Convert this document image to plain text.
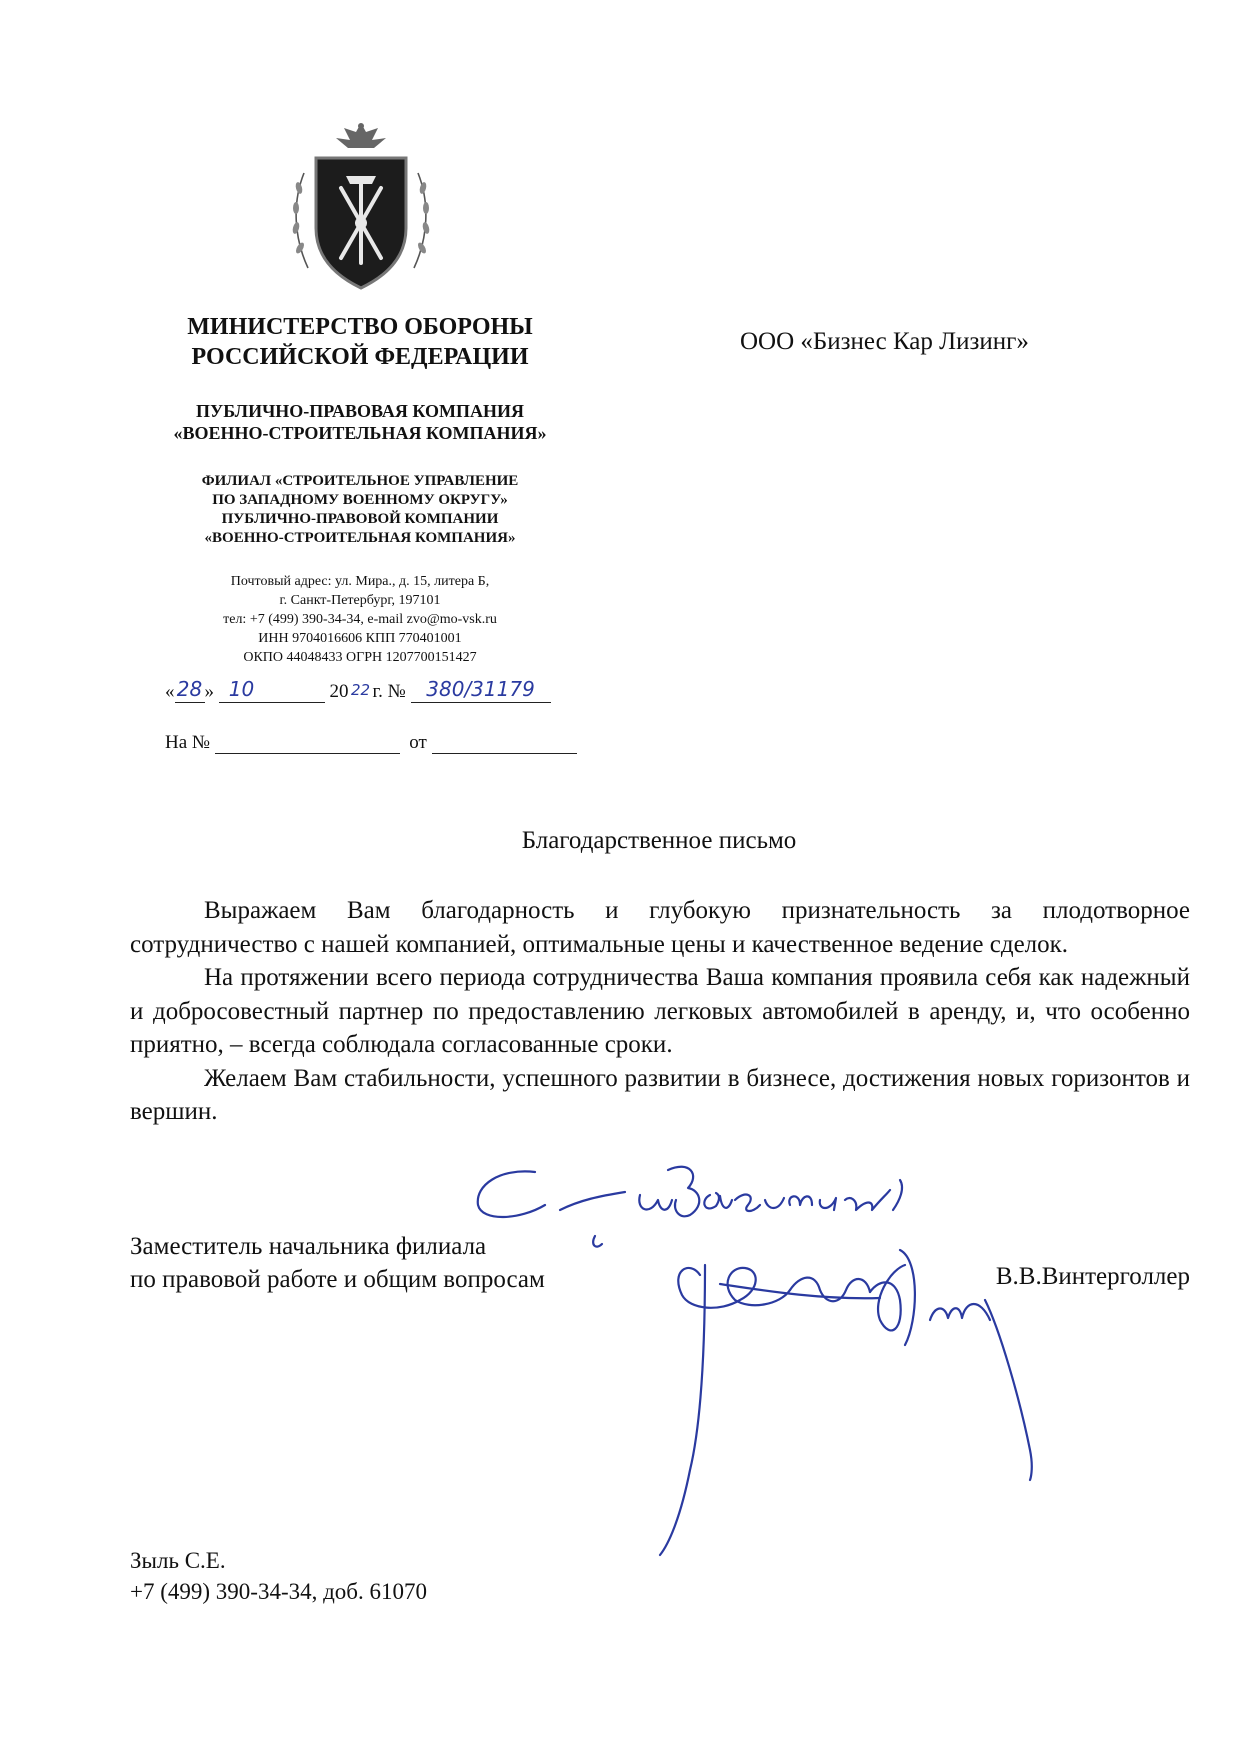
МИНИСТЕРСТВО ОБОРОНЫ
РОССИЙСКОЙ ФЕДЕРАЦИИ
ПУБЛИЧНО-ПРАВОВАЯ КОМПАНИЯ
«ВОЕННО-СТРОИТЕЛЬНАЯ КОМПАНИЯ»
ФИЛИАЛ «СТРОИТЕЛЬНОЕ УПРАВЛЕНИЕ
ПО ЗАПАДНОМУ ВОЕННОМУ ОКРУГУ»
ПУБЛИЧНО-ПРАВОВОЙ КОМПАНИИ
«ВОЕННО-СТРОИТЕЛЬНАЯ КОМПАНИЯ»
Почтовый адрес: ул. Мира., д. 15, литера Б,
г. Санкт-Петербург, 197101
тел: +7 (499) 390-34-34, e-mail zvo@mo-vsk.ru
ИНН 9704016606 КПП 770401001
ОКПО 44048433 ОГРН 1207700151427
« 28 » 10	20 22 г. №	380/31179
На №	от
ООО «Бизнес Кар Лизинг»
Благодарственное письмо

Выражаем Вам благодарность и глубокую признательность за плодотворное сотрудничество с нашей компанией, оптимальные цены и качественное ведение сделок.

На протяжении всего периода сотрудничества Ваша компания проявила себя как надежный и добросовестный партнер по предоставлению легковых автомобилей в аренду, и, что особенно приятно, – всегда соблюдала согласованные сроки.

Желаем Вам стабильности, успешного развитии в бизнесе, достижения новых горизонтов и вершин.

Заместитель начальника филиала
по правовой работе и общим вопросам	В.В.Винтерголлер
Зыль С.Е.
+7 (499) 390-34-34, доб. 61070
